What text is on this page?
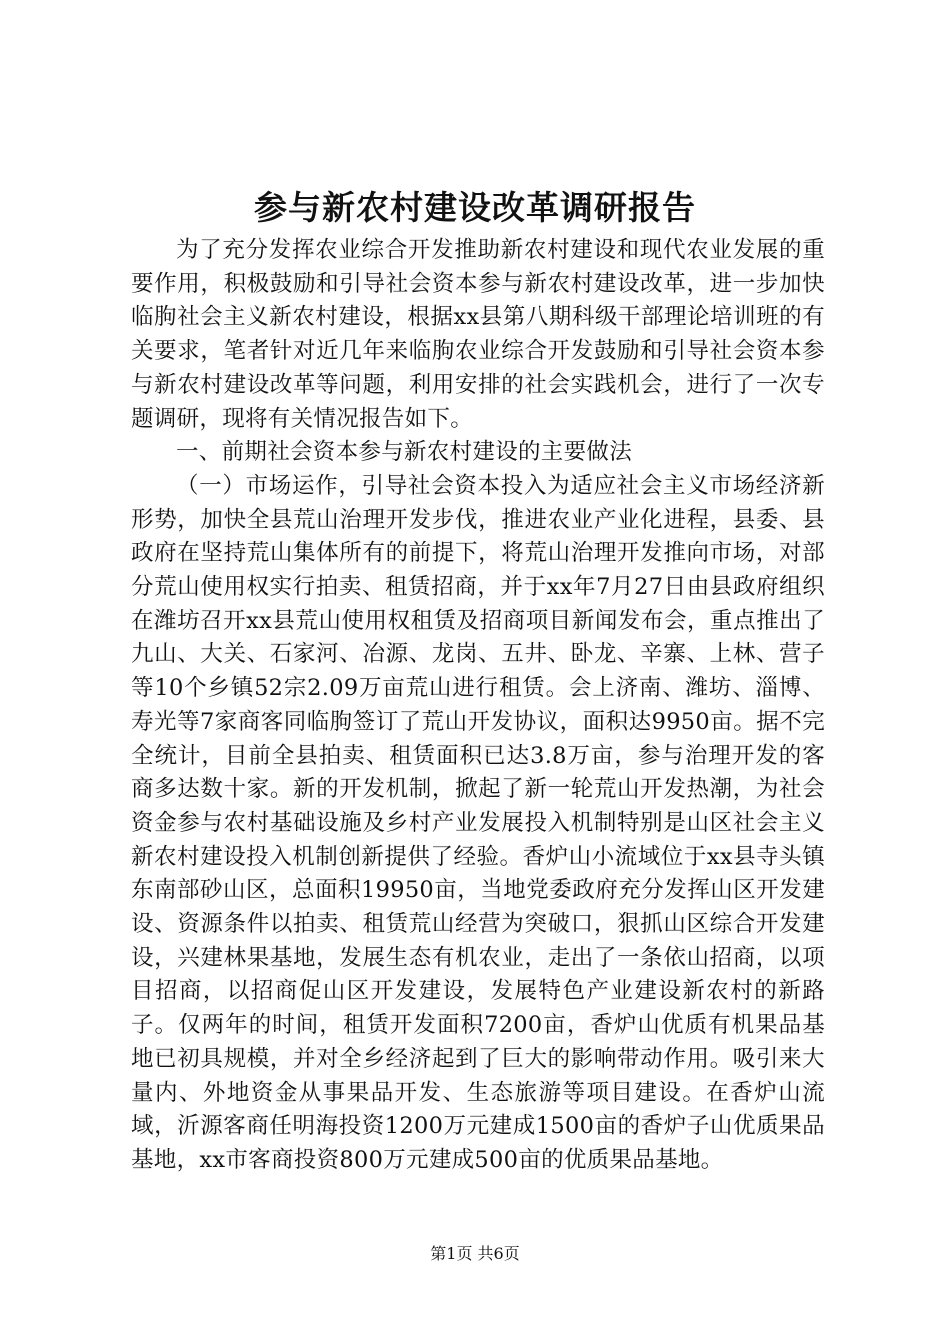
参与新农村建设改革调研报告

为了充分发挥农业综合开发推助新农村建设和现代农业发展的重要作用，积极鼓励和引导社会资本参与新农村建设改革，进一步加快临朐社会主义新农村建设，根据xx县第八期科级干部理论培训班的有关要求，笔者针对近几年来临朐农业综合开发鼓励和引导社会资本参与新农村建设改革等问题，利用安排的社会实践机会，进行了一次专题调研，现将有关情况报告如下。

一、前期社会资本参与新农村建设的主要做法

（一）市场运作，引导社会资本投入为适应社会主义市场经济新形势，加快全县荒山治理开发步伐，推进农业产业化进程，县委、县政府在坚持荒山集体所有的前提下，将荒山治理开发推向市场，对部分荒山使用权实行拍卖、租赁招商，并于xx年7月27日由县政府组织在潍坊召开xx县荒山使用权租赁及招商项目新闻发布会，重点推出了九山、大关、石家河、冶源、龙岗、五井、卧龙、辛寨、上林、营子等10个乡镇52宗2.09万亩荒山进行租赁。会上济南、潍坊、淄博、寿光等7家商客同临朐签订了荒山开发协议，面积达9950亩。据不完全统计，目前全县拍卖、租赁面积已达3.8万亩，参与治理开发的客商多达数十家。新的开发机制，掀起了新一轮荒山开发热潮，为社会资金参与农村基础设施及乡村产业发展投入机制特别是山区社会主义新农村建设投入机制创新提供了经验。香炉山小流域位于xx县寺头镇东南部砂山区，总面积19950亩，当地党委政府充分发挥山区开发建设、资源条件以拍卖、租赁荒山经营为突破口，狠抓山区综合开发建设，兴建林果基地，发展生态有机农业，走出了一条依山招商，以项目招商，以招商促山区开发建设，发展特色产业建设新农村的新路子。仅两年的时间，租赁开发面积7200亩，香炉山优质有机果品基地已初具规模，并对全乡经济起到了巨大的影响带动作用。吸引来大量内、外地资金从事果品开发、生态旅游等项目建设。在香炉山流域，沂源客商任明海投资1200万元建成1500亩的香炉子山优质果品基地，xx市客商投资800万元建成500亩的优质果品基地。

第1页 共6页
